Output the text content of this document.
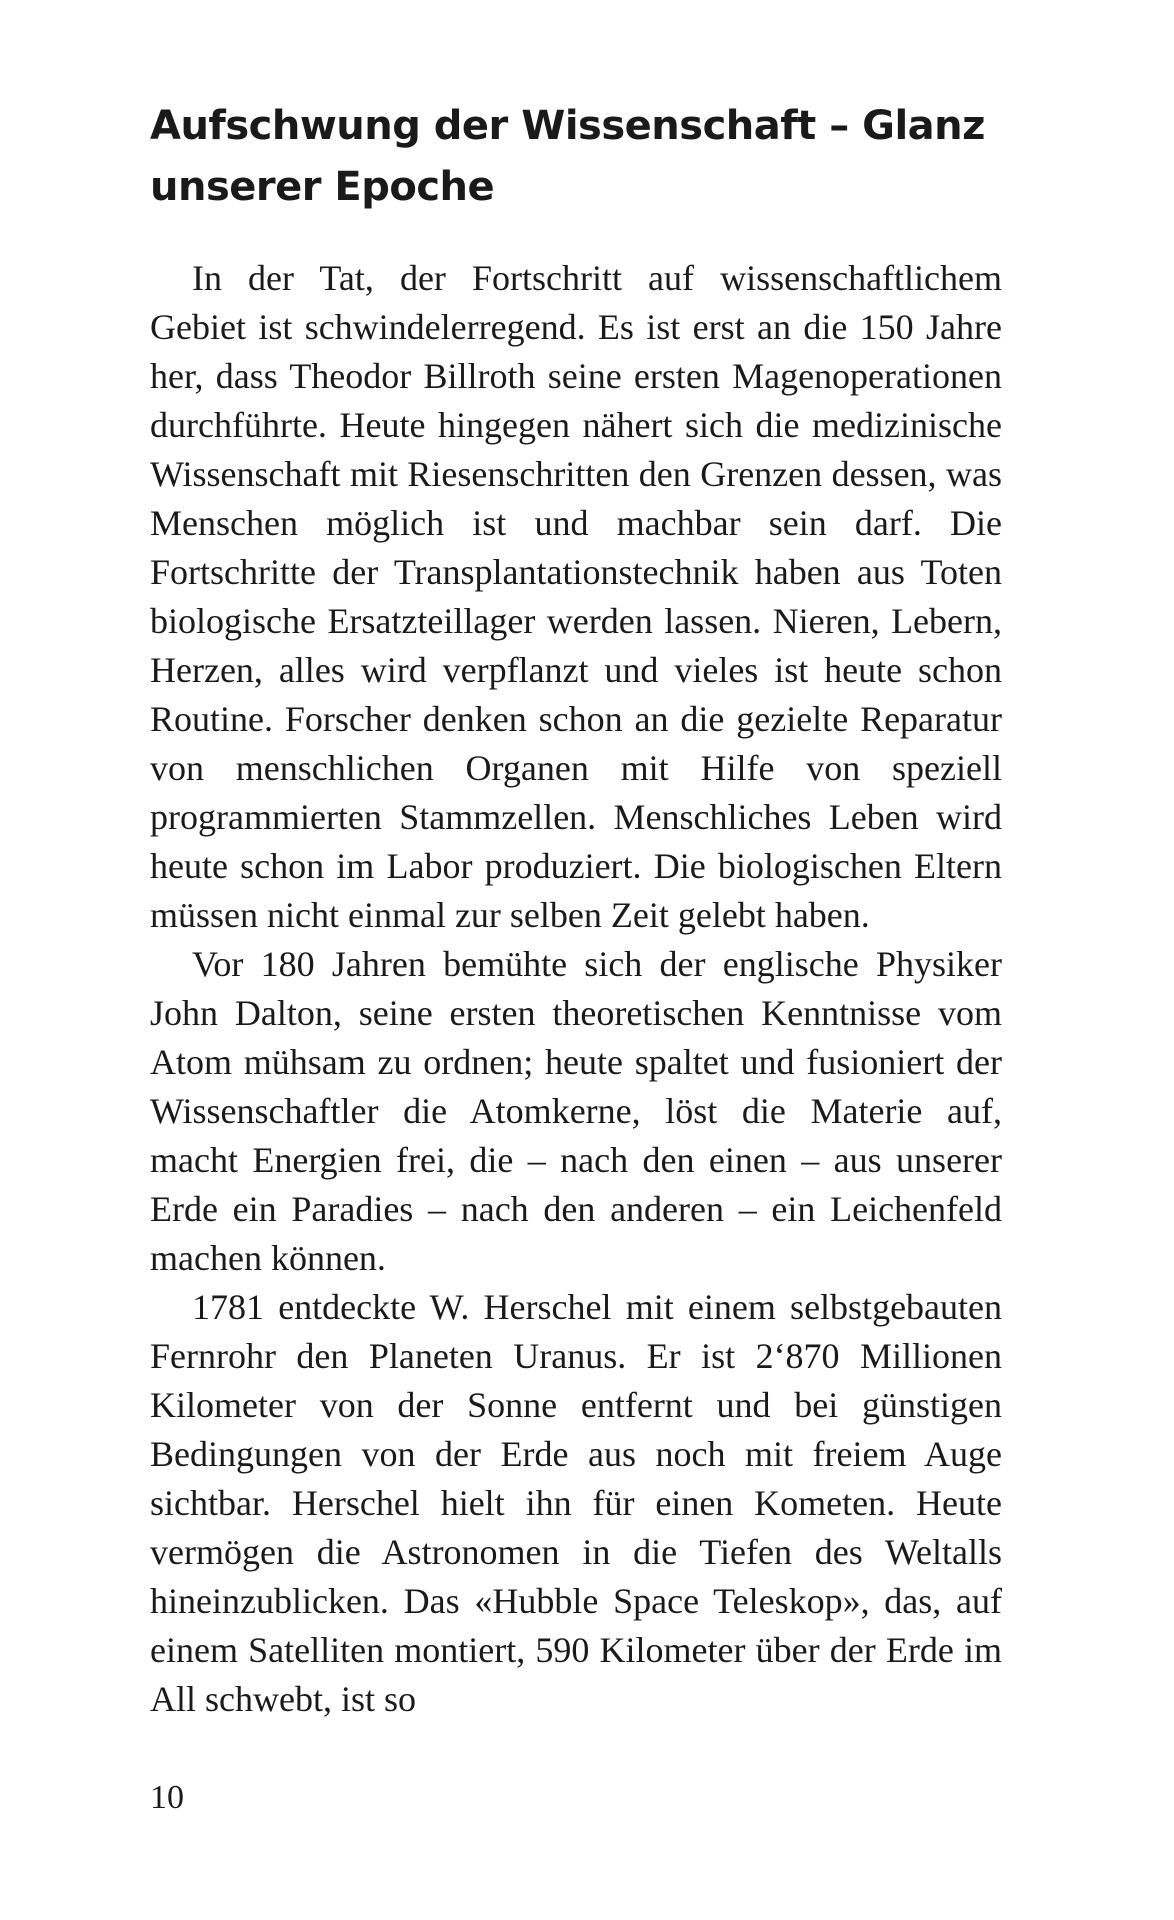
Aufschwung der Wissenschaft – Glanz unserer Epoche

In der Tat, der Fortschritt auf wissenschaftlichem Gebiet ist schwindelerregend. Es ist erst an die 150 Jahre her, dass Theodor Billroth seine ersten Magenoperationen durchführte. Heute hingegen nähert sich die medizinische Wissenschaft mit Riesenschritten den Grenzen dessen, was Menschen möglich ist und machbar sein darf. Die Fortschritte der Transplantationstechnik haben aus Toten biologische Ersatzteillager werden lassen. Nieren, Lebern, Herzen, alles wird verpflanzt und vieles ist heute schon Routine. Forscher denken schon an die gezielte Reparatur von menschlichen Organen mit Hilfe von speziell programmierten Stammzellen. Menschliches Leben wird heute schon im Labor produziert. Die biologischen Eltern müssen nicht einmal zur selben Zeit gelebt haben.

Vor 180 Jahren bemühte sich der englische Physiker John Dalton, seine ersten theoretischen Kenntnisse vom Atom mühsam zu ordnen; heute spaltet und fusioniert der Wissenschaftler die Atomkerne, löst die Materie auf, macht Energien frei, die – nach den einen – aus unserer Erde ein Paradies – nach den anderen – ein Leichenfeld machen können.

1781 entdeckte W. Herschel mit einem selbstgebauten Fernrohr den Planeten Uranus. Er ist 2‘870 Millionen Kilometer von der Sonne entfernt und bei günstigen Bedingungen von der Erde aus noch mit freiem Auge sichtbar. Herschel hielt ihn für einen Kometen. Heute vermögen die Astronomen in die Tiefen des Weltalls hineinzublicken. Das «Hubble Space Teleskop», das, auf einem Satelliten montiert, 590 Kilometer über der Erde im All schwebt, ist so

10
